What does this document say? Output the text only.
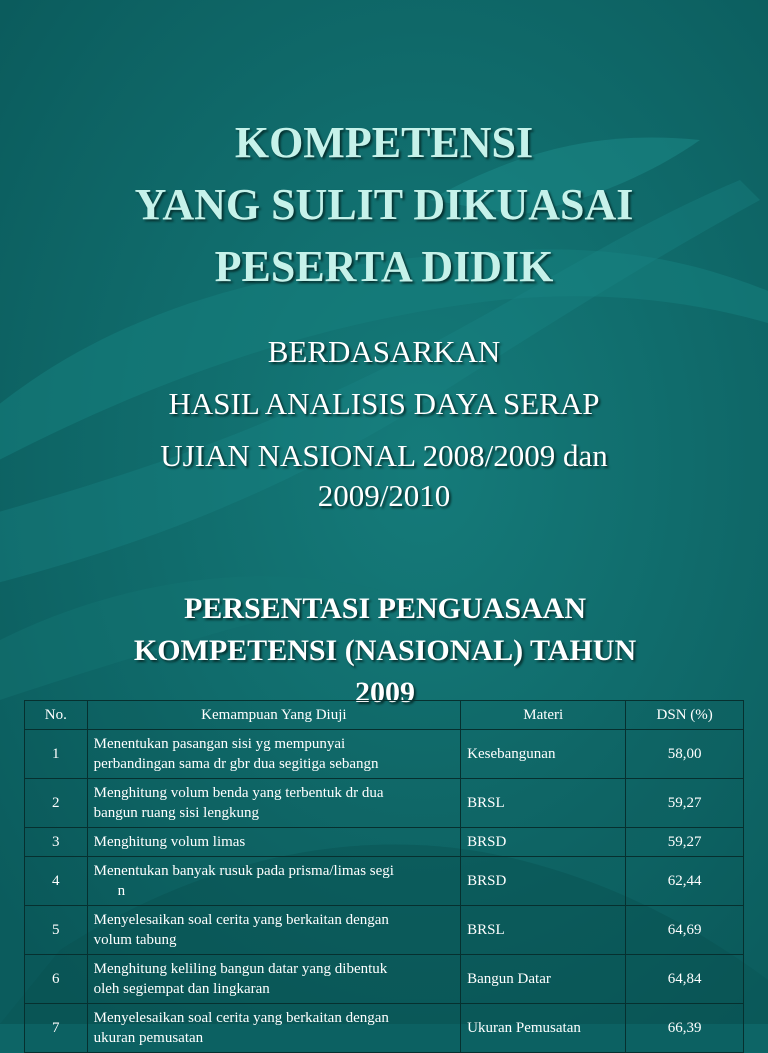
KOMPETENSI
YANG SULIT DIKUASAI
PESERTA DIDIK
BERDASARKAN
HASIL ANALISIS DAYA SERAP
UJIAN NASIONAL 2008/2009 dan
2009/2010
PERSENTASI PENGUASAAN
KOMPETENSI (NASIONAL) TAHUN
2009
No.	Kemampuan Yang Diuji	Materi	DSN (%)
1	Menentukan pasangan sisi yg mempunyai
perbandingan sama dr gbr dua segitiga sebangn	Kesebangunan	58,00
2	Menghitung volum benda yang terbentuk dr dua
bangun ruang sisi lengkung	BRSL	59,27
3	Menghitung volum limas	BRSD	59,27
4	Menentukan banyak rusuk pada prisma/limas segi
n	BRSD	62,44
5	Menyelesaikan soal cerita yang berkaitan dengan
volum tabung	BRSL	64,69
6	Menghitung keliling bangun datar yang dibentuk
oleh segiempat dan lingkaran	Bangun Datar	64,84
7	Menyelesaikan soal cerita yang berkaitan dengan
ukuran pemusatan	Ukuran Pemusatan	66,39
